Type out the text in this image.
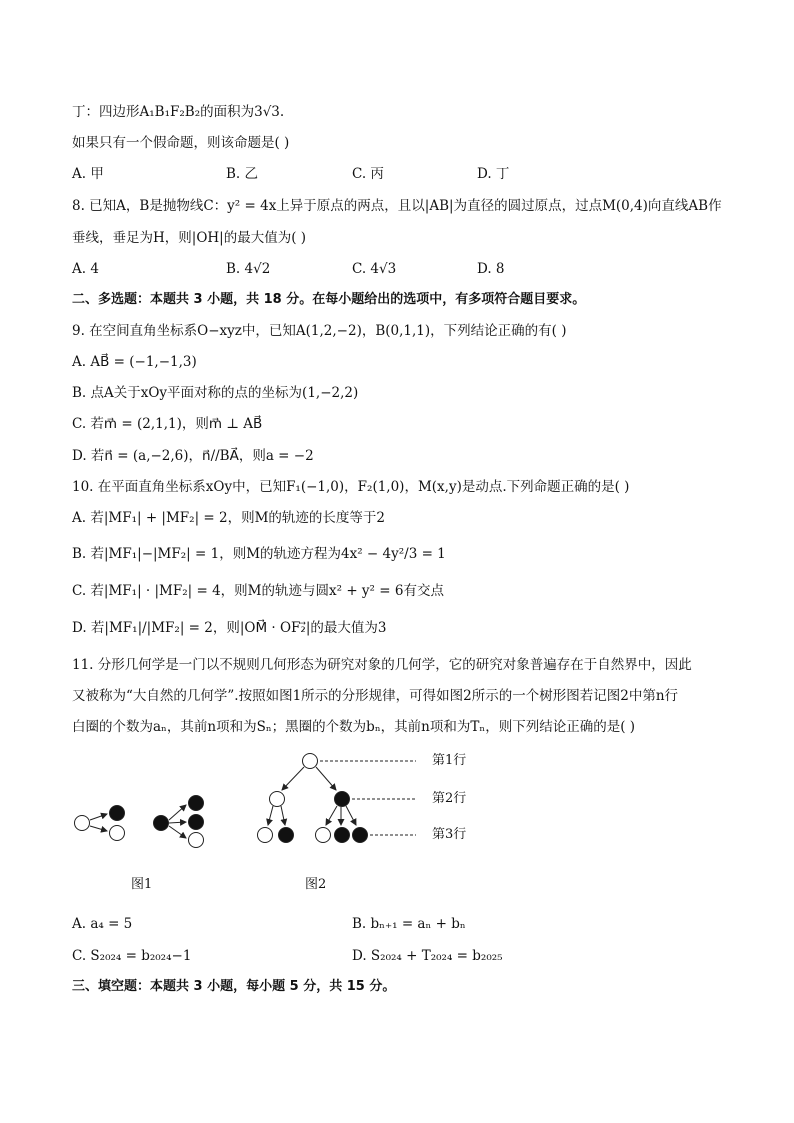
丁：四边形A₁B₁F₂B₂的面积为3√3.
如果只有一个假命题，则该命题是( )
A. 甲	B. 乙	C. 丙	D. 丁
8. 已知A，B是抛物线C：y² = 4x上异于原点的两点，且以|AB|为直径的圆过原点，过点M(0,4)向直线AB作
垂线，垂足为H，则|OH|的最大值为( )
A. 4	B. 4√2	C. 4√3	D. 8
二、多选题：本题共 3 小题，共 18 分。在每小题给出的选项中，有多项符合题目要求。
9. 在空间直角坐标系O−xyz中，已知A(1,2,−2)，B(0,1,1)，下列结论正确的有( )
A. AB⃗ = (−1,−1,3)
B. 点A关于xOy平面对称的点的坐标为(1,−2,2)
C. 若m⃗ = (2,1,1)，则m⃗ ⊥ AB⃗
D. 若n⃗ = (a,−2,6)，n⃗//BA⃗，则a = −2
10. 在平面直角坐标系xOy中，已知F₁(−1,0)，F₂(1,0)，M(x,y)是动点.下列命题正确的是( )
A. 若|MF₁| + |MF₂| = 2，则M的轨迹的长度等于2
B. 若|MF₁|−|MF₂| = 1，则M的轨迹方程为4x² − 4y²/3 = 1
C. 若|MF₁| · |MF₂| = 4，则M的轨迹与圆x² + y² = 6有交点
D. 若|MF₁|/|MF₂| = 2，则|OM⃗ · OF₂⃗|的最大值为3
11. 分形几何学是一门以不规则几何形态为研究对象的几何学，它的研究对象普遍存在于自然界中，因此
又被称为“大自然的几何学”.按照如图1所示的分形规律，可得如图2所示的一个树形图若记图2中第n行
白圈的个数为aₙ，其前n项和为Sₙ；黑圈的个数为bₙ，其前n项和为Tₙ，则下列结论正确的是( )
第1行
第2行
第3行
图1	图2
A. a₄ = 5	B. bₙ₊₁ = aₙ + bₙ
C. S₂₀₂₄ = b₂₀₂₄−1	D. S₂₀₂₄ + T₂₀₂₄ = b₂₀₂₅
三、填空题：本题共 3 小题，每小题 5 分，共 15 分。
